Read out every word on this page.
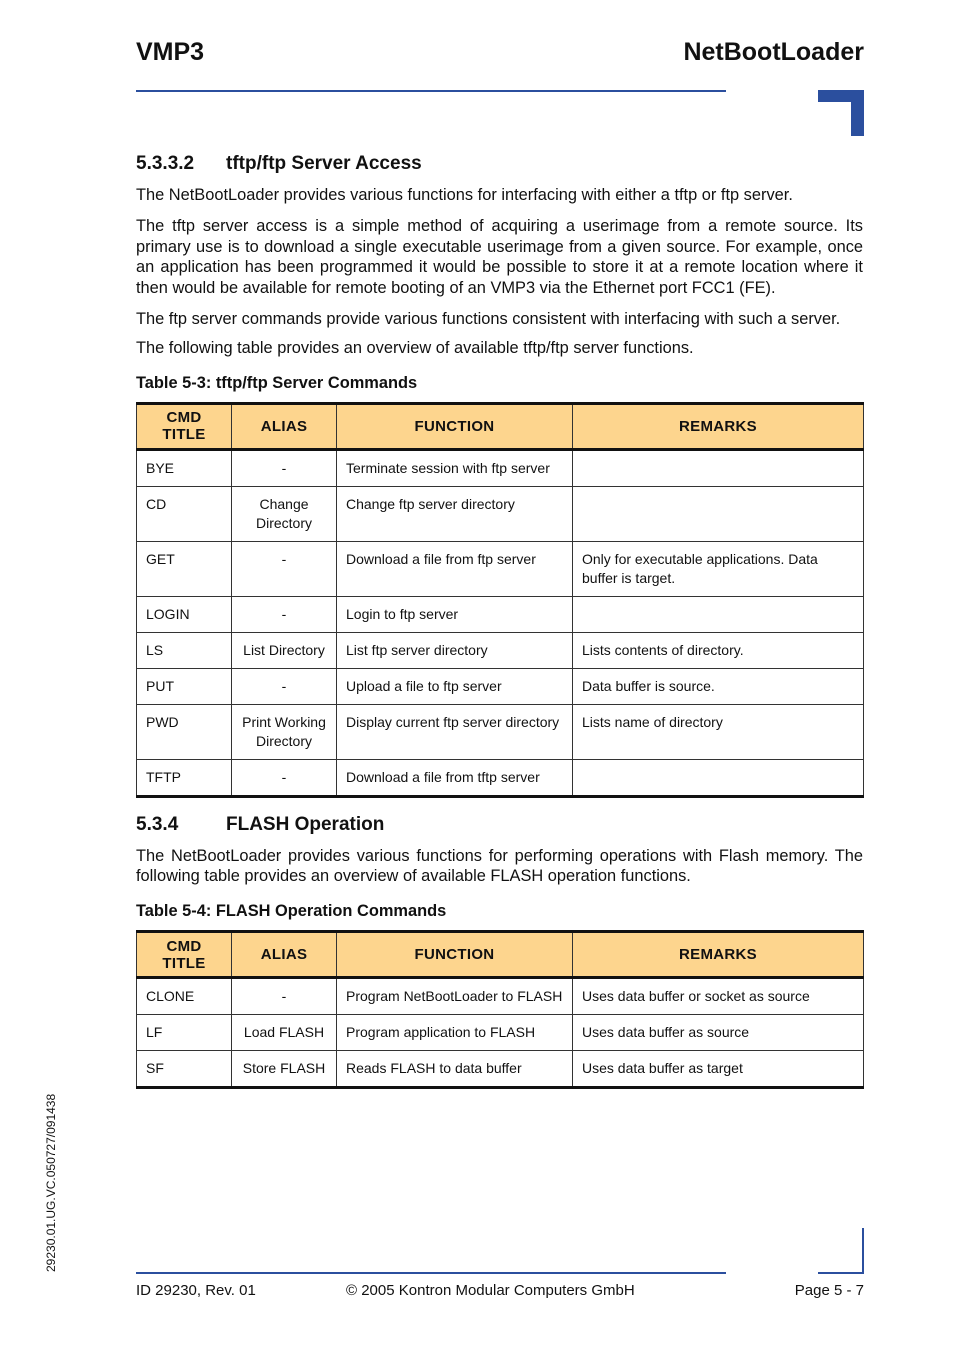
VMP3	NetBootLoader
5.3.3.2 tftp/ftp Server Access

The NetBootLoader provides various functions for interfacing with either a tftp or ftp server.

The tftp server access is a simple method of acquiring a userimage from a remote source. Its primary use is to download a single executable userimage from a given source. For example, once an application has been programmed it would be possible to store it at a remote location where it then would be available for remote booting of an VMP3 via the Ethernet port FCC1 (FE).

The ftp server commands provide various functions consistent with interfacing with such a server.

The following table provides an overview of available tftp/ftp server functions.

Table 5-3: tftp/ftp Server Commands
CMD TITLE	ALIAS	FUNCTION	REMARKS
BYE	-	Terminate session with ftp server	
CD	Change Directory	Change ftp server directory	
GET	-	Download a file from ftp server	Only for executable applications. Data buffer is target.
LOGIN	-	Login to ftp server	
LS	List Directory	List ftp server directory	Lists contents of directory.
PUT	-	Upload a file to ftp server	Data buffer is source.
PWD	Print Working Directory	Display current ftp server directory	Lists name of directory
TFTP	-	Download a file from tftp server	
5.3.4	FLASH Operation

The NetBootLoader provides various functions for performing operations with Flash memory. The following table provides an overview of available FLASH operation functions.

Table 5-4: FLASH Operation Commands
CMD TITLE	ALIAS	FUNCTION	REMARKS
CLONE	-	Program NetBootLoader to FLASH	Uses data buffer or socket as source
LF	Load FLASH	Program application to FLASH	Uses data buffer as source
SF	Store FLASH	Reads FLASH to data buffer	Uses data buffer as target
29230.01.UG.VC.050727/091438
ID 29230, Rev. 01	© 2005 Kontron Modular Computers GmbH	Page 5 - 7
